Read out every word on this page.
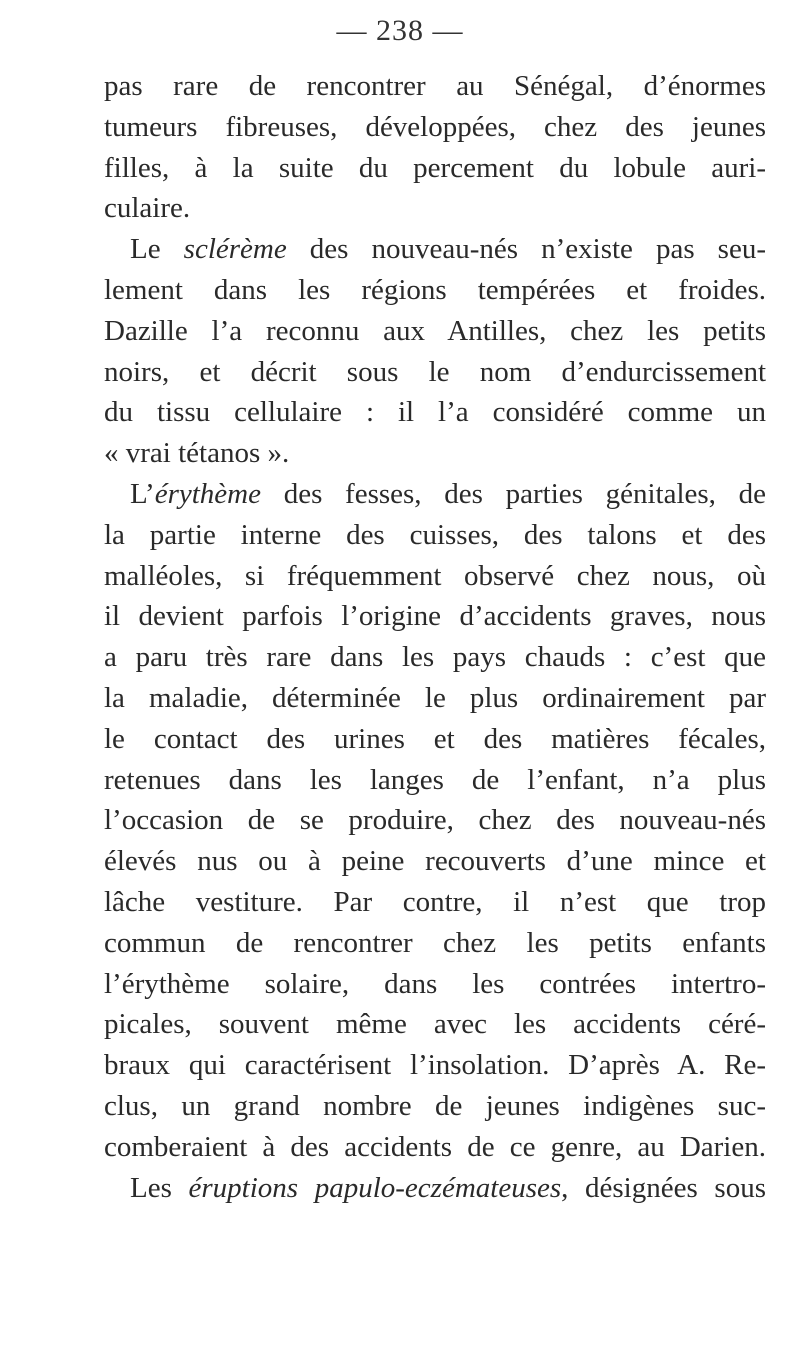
— 238 —
pas rare de rencontrer au Sénégal, d’énormes
tumeurs fibreuses, développées, chez des jeunes
filles, à la suite du percement du lobule auri-
culaire.
Le sclérème des nouveau-nés n’existe pas seu-
lement dans les régions tempérées et froides.
Dazille l’a reconnu aux Antilles, chez les petits
noirs, et décrit sous le nom d’endurcissement
du tissu cellulaire : il l’a considéré comme un
« vrai tétanos ».
L’érythème des fesses, des parties génitales, de
la partie interne des cuisses, des talons et des
malléoles, si fréquemment observé chez nous, où
il devient parfois l’origine d’accidents graves, nous
a paru très rare dans les pays chauds : c’est que
la maladie, déterminée le plus ordinairement par
le contact des urines et des matières fécales,
retenues dans les langes de l’enfant, n’a plus
l’occasion de se produire, chez des nouveau-nés
élevés nus ou à peine recouverts d’une mince et
lâche vestiture. Par contre, il n’est que trop
commun de rencontrer chez les petits enfants
l’érythème solaire, dans les contrées intertro-
picales, souvent même avec les accidents céré-
braux qui caractérisent l’insolation. D’après A. Re-
clus, un grand nombre de jeunes indigènes suc-
comberaient à des accidents de ce genre, au Darien.
Les éruptions papulo-eczémateuses, désignées sous
